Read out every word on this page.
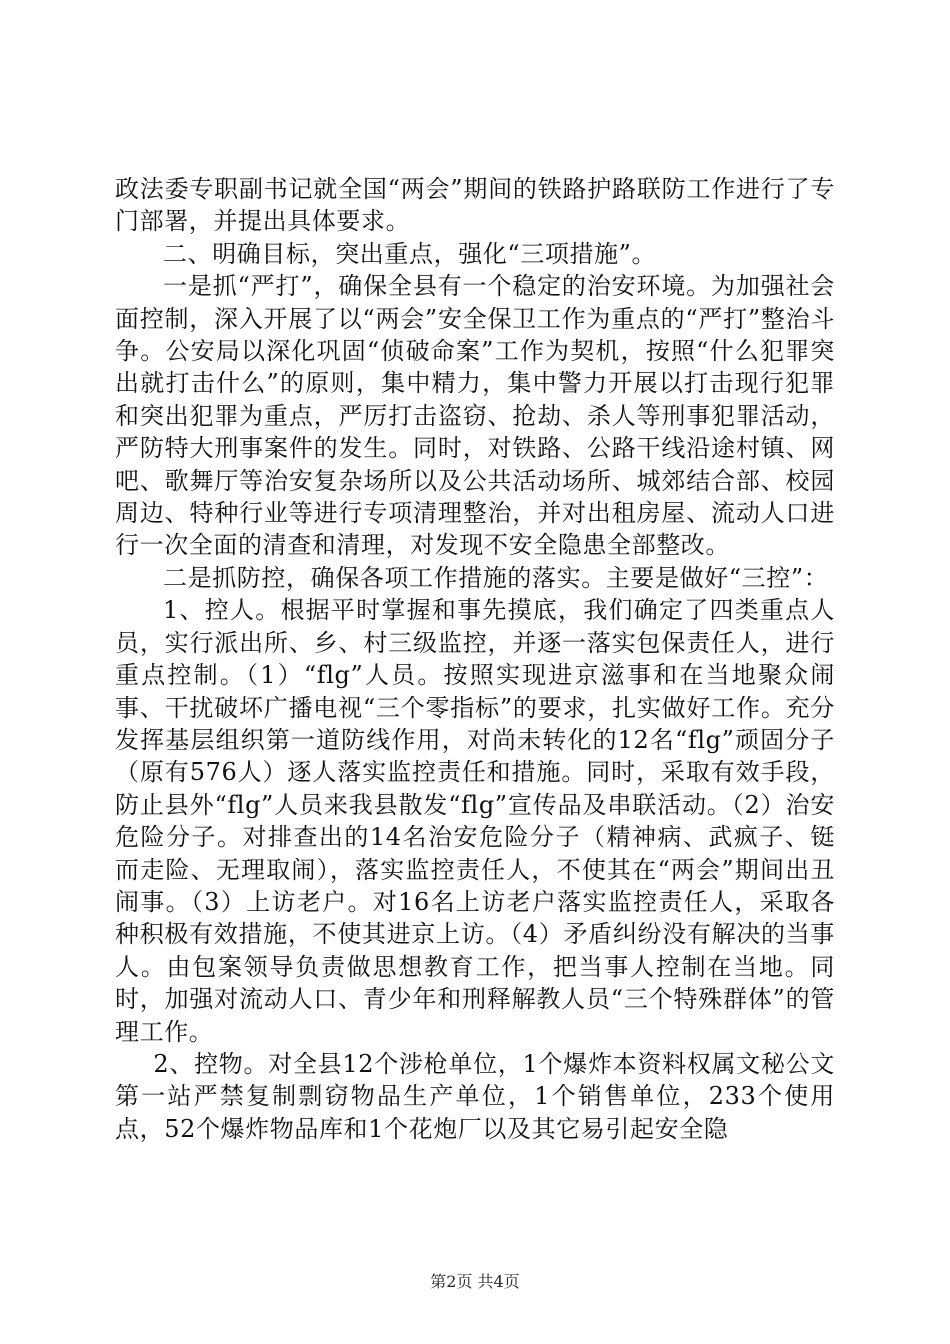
政法委专职副书记就全国“两会”期间的铁路护路联防工作进行了专门部署，并提出具体要求。

二、明确目标，突出重点，强化“三项措施”。

一是抓“严打”，确保全县有一个稳定的治安环境。为加强社会面控制，深入开展了以“两会”安全保卫工作为重点的“严打”整治斗争。公安局以深化巩固“侦破命案”工作为契机，按照“什么犯罪突出就打击什么”的原则，集中精力，集中警力开展以打击现行犯罪和突出犯罪为重点，严厉打击盗窃、抢劫、杀人等刑事犯罪活动，严防特大刑事案件的发生。同时，对铁路、公路干线沿途村镇、网吧、歌舞厅等治安复杂场所以及公共活动场所、城郊结合部、校园周边、特种行业等进行专项清理整治，并对出租房屋、流动人口进行一次全面的清查和清理，对发现不安全隐患全部整改。

二是抓防控，确保各项工作措施的落实。主要是做好“三控”：

1、控人。根据平时掌握和事先摸底，我们确定了四类重点人员，实行派出所、乡、村三级监控，并逐一落实包保责任人，进行重点控制。（1）“flg”人员。按照实现进京滋事和在当地聚众闹事、干扰破坏广播电视“三个零指标”的要求，扎实做好工作。充分发挥基层组织第一道防线作用，对尚未转化的12名“flg”顽固分子（原有576人）逐人落实监控责任和措施。同时，采取有效手段，防止县外“flg”人员来我县散发“flg”宣传品及串联活动。（2）治安危险分子。对排查出的14名治安危险分子（精神病、武疯子、铤而走险、无理取闹），落实监控责任人，不使其在“两会”期间出丑闹事。（3）上访老户。对16名上访老户落实监控责任人，采取各种积极有效措施，不使其进京上访。（4）矛盾纠纷没有解决的当事人。由包案领导负责做思想教育工作，把当事人控制在当地。同时，加强对流动人口、青少年和刑释解教人员“三个特殊群体”的管理工作。

2、控物。对全县12个涉枪单位，1个爆炸本资料权属文秘公文第一站严禁复制剽窃物品生产单位，1个销售单位，233个使用点，52个爆炸物品库和1个花炮厂以及其它易引起安全隐

第2页 共4页
